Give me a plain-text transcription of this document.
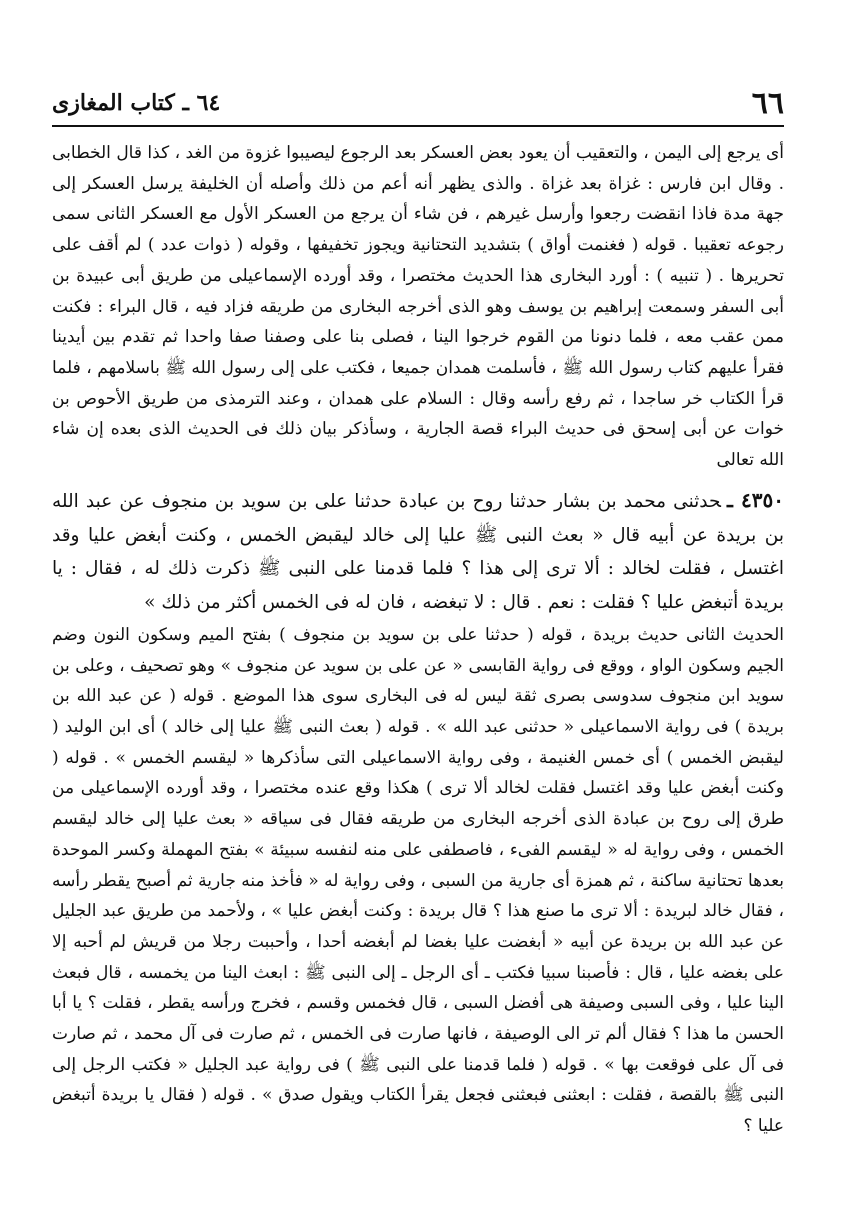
٦٦
٦٤ ـ كتاب المغازى

أى يرجع إلى اليمن ، والتعقيب أن يعود بعض العسكر بعد الرجوع ليصيبوا غزوة من الغد ، كذا قال الخطابى . وقال ابن فارس : غزاة بعد غزاة . والذى يظهر أنه أعم من ذلك وأصله أن الخليفة يرسل العسكر إلى جهة مدة فاذا انقضت رجعوا وأرسل غيرهم ، فن شاء أن يرجع من العسكر الأول مع العسكر الثانى سمى رجوعه تعقيبا . قوله ( فغنمت أواق ) بتشديد التحتانية ويجوز تخفيفها ، وقوله ( ذوات عدد ) لم أقف على تحريرها . ( تنبيه ) : أورد البخارى هذا الحديث مختصرا ، وقد أورده الإسماعيلى من طريق أبى عبيدة بن أبى السفر وسمعت إبراهيم بن يوسف وهو الذى أخرجه البخارى من طريقه فزاد فيه ، قال البراء : فكنت ممن عقب معه ، فلما دنونا من القوم خرجوا الينا ، فصلى بنا على وصفنا صفا واحدا ثم تقدم بين أيدينا فقرأ عليهم كتاب رسول الله ﷺ ، فأسلمت همدان جميعا ، فكتب على إلى رسول الله ﷺ باسلامهم ، فلما قرأ الكتاب خر ساجدا ، ثم رفع رأسه وقال : السلام على همدان ، وعند الترمذى من طريق الأحوص بن خوات عن أبى إسحق فى حديث البراء قصة الجارية ، وسأذكر بيان ذلك فى الحديث الذى بعده إن شاء الله تعالى

٤٣٥٠ ـحدثنى محمد بن بشار حدثنا روح بن عبادة حدثنا على بن سويد بن منجوف عن عبد الله بن بريدة عن أبيه قال « بعث النبى ﷺ عليا إلى خالد ليقبض الخمس ، وكنت أبغض عليا وقد اغتسل ، فقلت لخالد : ألا ترى إلى هذا ؟ فلما قدمنا على النبى ﷺ ذكرت ذلك له ، فقال : يا بريدة أتبغض عليا ؟ فقلت : نعم . قال : لا تبغضه ، فان له فى الخمس أكثر من ذلك »

الحديث الثانى حديث بريدة ، قوله ( حدثنا على بن سويد بن منجوف ) بفتح الميم وسكون النون وضم الجيم وسكون الواو ، ووقع فى رواية القابسى « عن على بن سويد عن منجوف » وهو تصحيف ، وعلى بن سويد ابن منجوف سدوسى بصرى ثقة ليس له فى البخارى سوى هذا الموضع . قوله ( عن عبد الله بن بريدة ) فى رواية الاسماعيلى « حدثنى عبد الله » . قوله ( بعث النبى ﷺ عليا إلى خالد ) أى ابن الوليد ( ليقبض الخمس ) أى خمس الغنيمة ، وفى رواية الاسماعيلى التى سأذكرها « ليقسم الخمس » . قوله ( وكنت أبغض عليا وقد اغتسل فقلت لخالد ألا ترى ) هكذا وقع عنده مختصرا ، وقد أورده الإسماعيلى من طرق إلى روح بن عبادة الذى أخرجه البخارى من طريقه فقال فى سياقه « بعث عليا إلى خالد ليقسم الخمس ، وفى رواية له « ليقسم الفىء ، فاصطفى على منه لنفسه سبيئة » بفتح المهملة وكسر الموحدة بعدها تحتانية ساكنة ، ثم همزة أى جارية من السبى ، وفى رواية له « فأخذ منه جارية ثم أصبح يقطر رأسه ، فقال خالد لبريدة : ألا ترى ما صنع هذا ؟ قال بريدة : وكنت أبغض عليا » ، ولأحمد من طريق عبد الجليل عن عبد الله بن بريدة عن أبيه « أبغضت عليا بغضا لم أبغضه أحدا ، وأحببت رجلا من قريش لم أحبه إلا على بغضه عليا ، قال : فأصبنا سبيا فكتب ـ أى الرجل ـ إلى النبى ﷺ : ابعث الينا من يخمسه ، قال فبعث الينا عليا ، وفى السبى وصيفة هى أفضل السبى ، قال فخمس وقسم ، فخرج ورأسه يقطر ، فقلت ؟ يا أبا الحسن ما هذا ؟ فقال ألم تر الى الوصيفة ، فانها صارت فى الخمس ، ثم صارت فى آل محمد ، ثم صارت فى آل على فوقعت بها » . قوله ( فلما قدمنا على النبى ﷺ ) فى رواية عبد الجليل « فكتب الرجل إلى النبى ﷺ بالقصة ، فقلت : ابعثنى فبعثنى فجعل يقرأ الكتاب ويقول صدق » . قوله ( فقال يا بريدة أتبغض عليا ؟
